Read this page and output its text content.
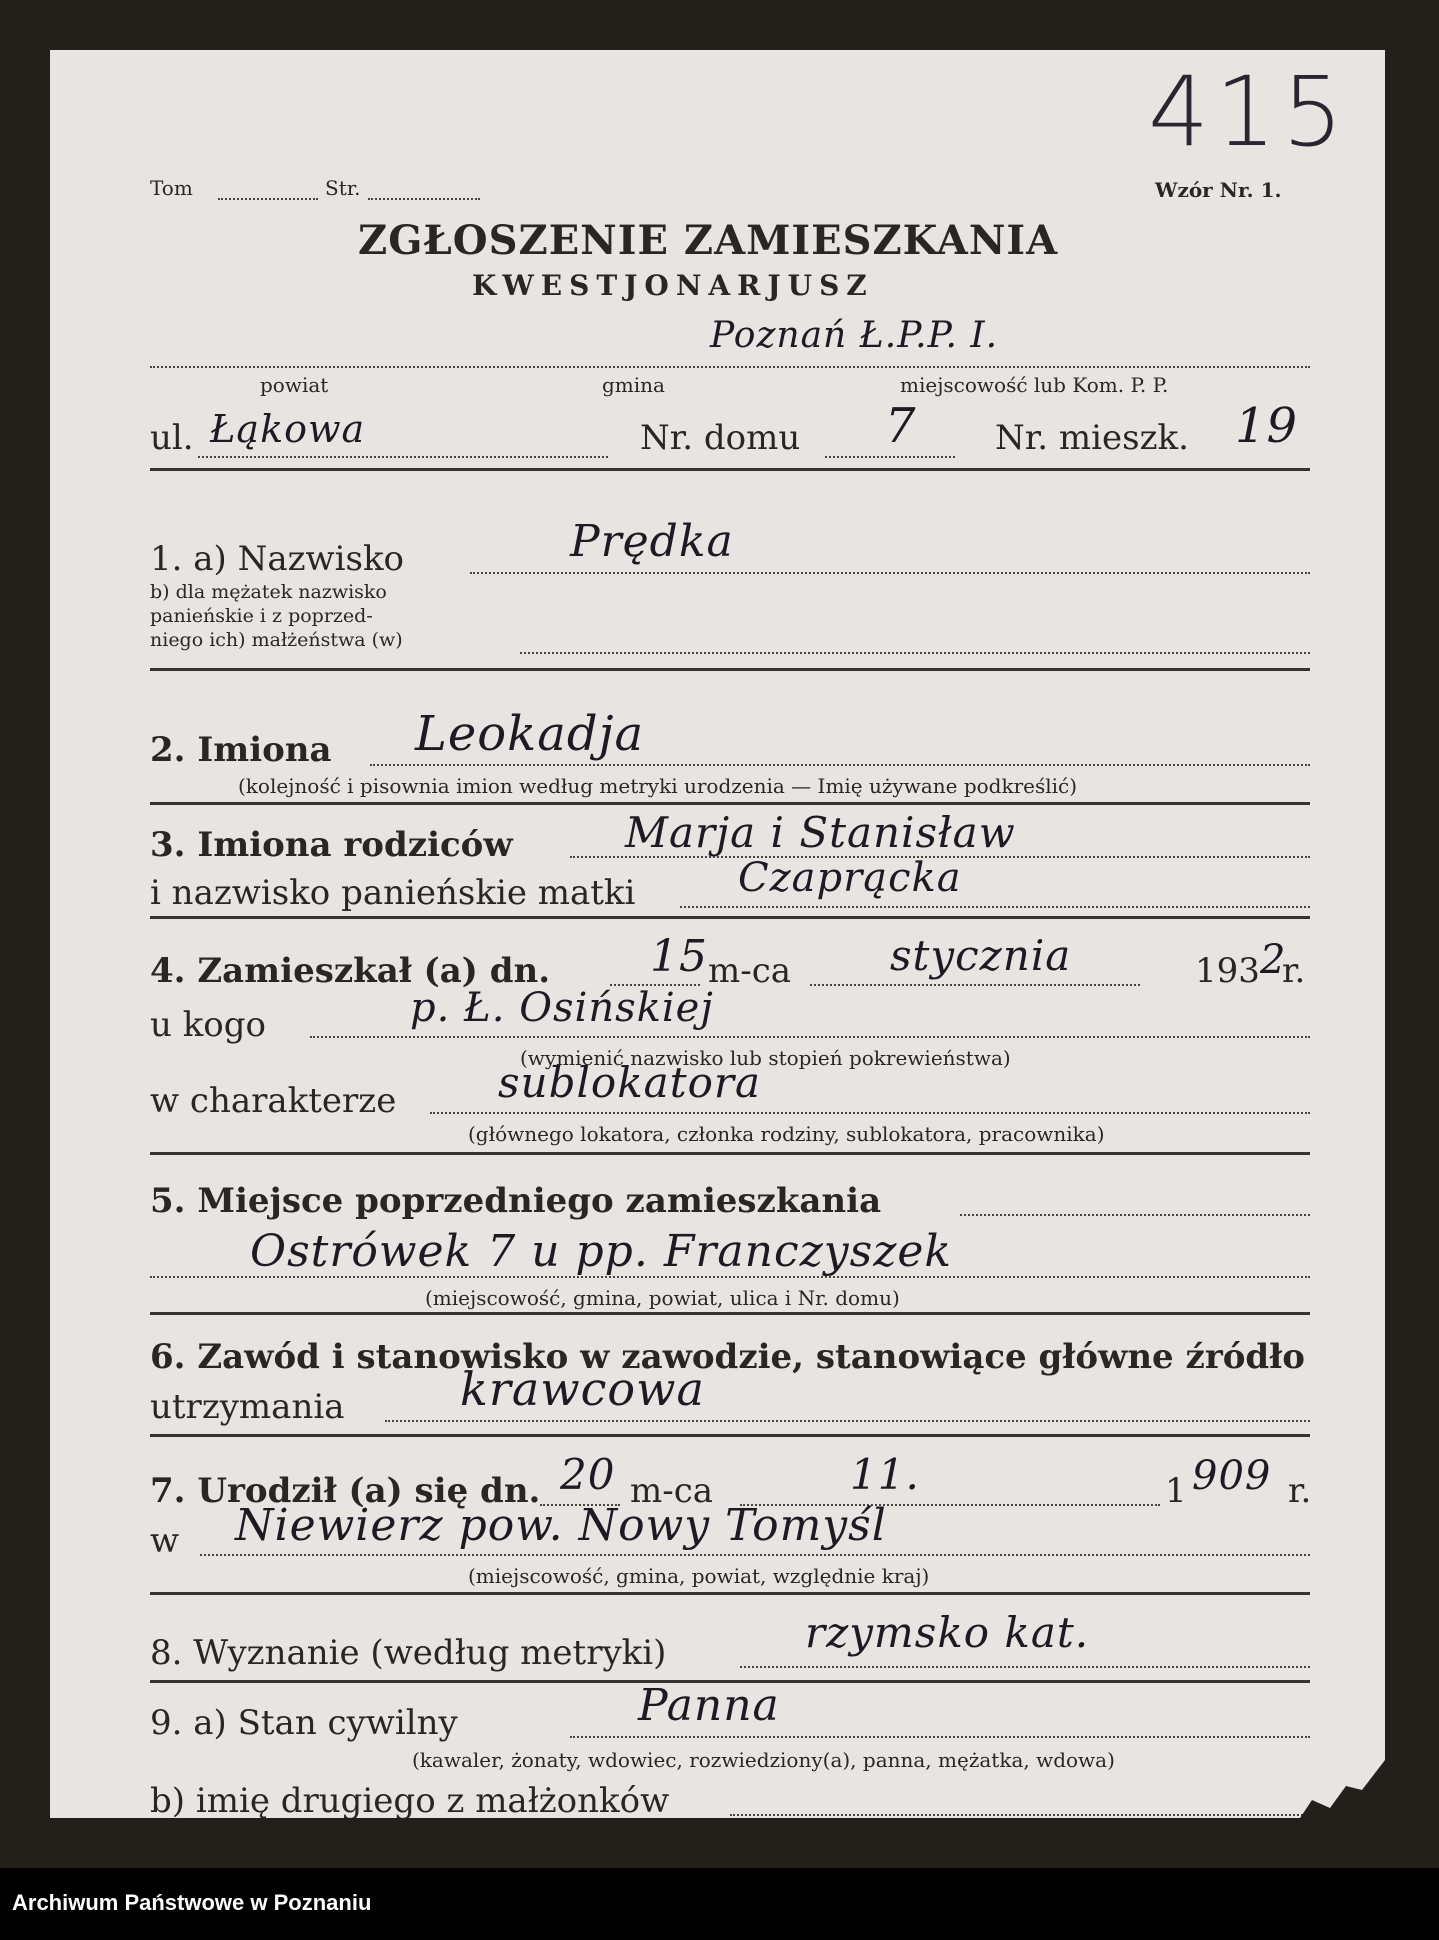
Tom	Str.	Wzór Nr. 1.
ZGŁOSZENIE ZAMIESZKANIA
KWESTJONARJUSZ
Poznań Ł.P.P. I.
powiat	gmina	miejscowość lub Kom. P. P.
ul. Łąkowa	Nr. domu 7 Nr. mieszk. 19
1. a) Nazwisko	Prędka
b) dla mężatek nazwisko
panieńskie i z poprzed-
niego ich) małżeństwa (w)
2. Imiona Leokadja
(kolejność i pisownia imion według metryki urodzenia — Imię używane podkreślić)
3. Imiona rodziców	Marja i Stanisław
i nazwisko panieńskie matki	Czaprącka
4. Zamieszkał (a) dn. 15 m-ca stycznia	193 2
r.
u kogo	p. Ł. Osińskiej
(wymienić nazwisko lub stopień pokrewieństwa)
w charakterze sublokatora
(głównego lokatora, członka rodziny, sublokatora, pracownika)
5. Miejsce poprzedniego zamieszkania
Ostrówek 7 u pp. Franczyszek
(miejscowość, gmina, powiat, ulica i Nr. domu)
6. Zawód i stanowisko w zawodzie, stanowiące główne źródło
utrzymania	krawcowa
7. Urodził (a) się dn. 20 m-ca	11.	1 909 r.
w Niewierz pow. Nowy Tomyśl
(miejscowość, gmina, powiat, względnie kraj)
8. Wyznanie (według metryki)	rzymsko kat.
9. a) Stan cywilny	Panna
(kawaler, żonaty, wdowiec, rozwiedziony(a), panna, mężatka, wdowa)
b) imię drugiego z małżonków
415
Archiwum Państwowe w Poznaniu
